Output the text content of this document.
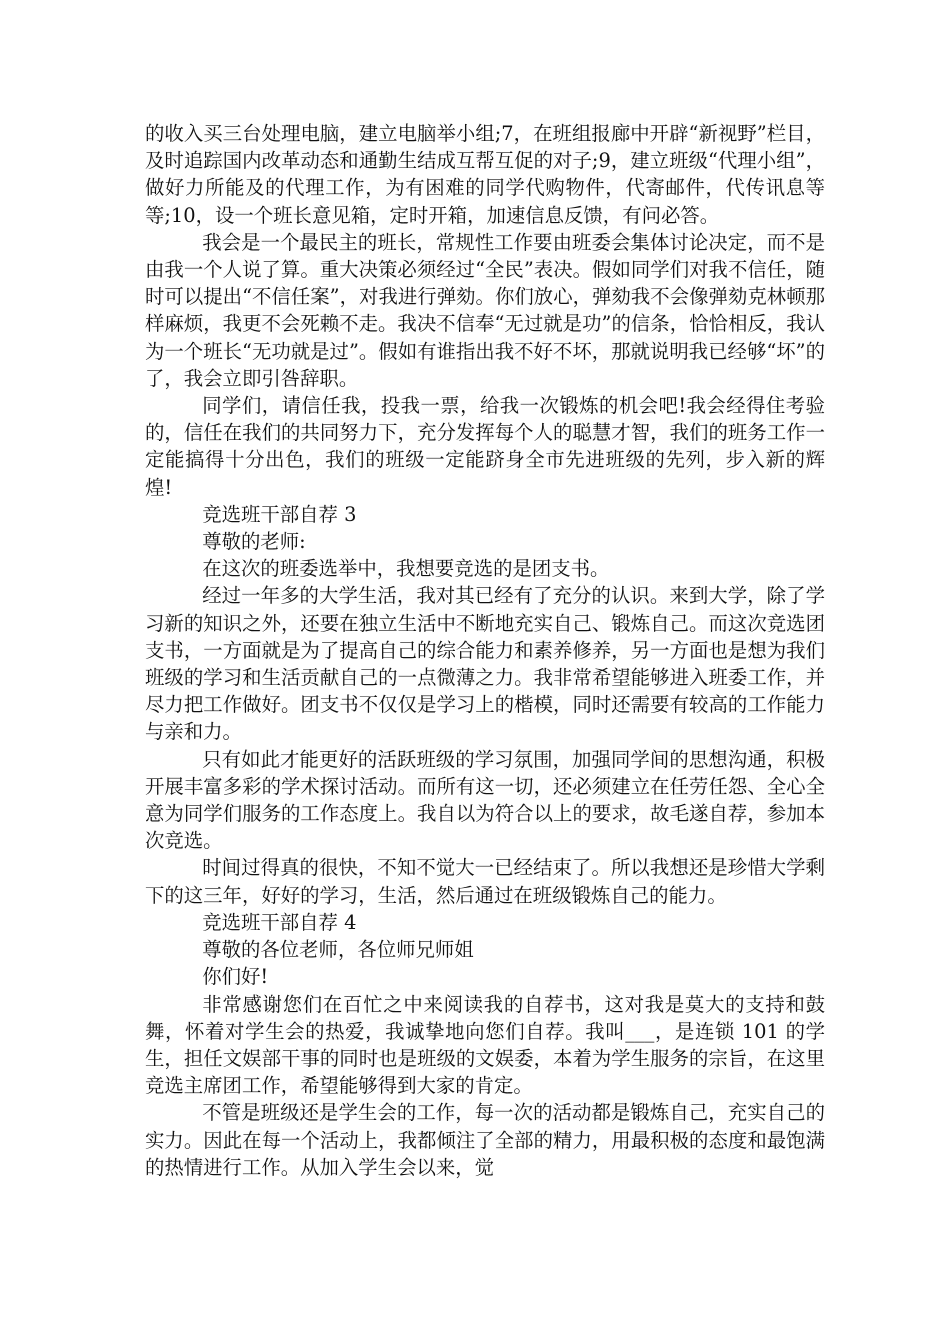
的收入买三台处理电脑，建立电脑举小组;7，在班组报廊中开辟“新视野”栏目，及时追踪国内改革动态和通勤生结成互帮互促的对子;9，建立班级“代理小组”，做好力所能及的代理工作，为有困难的同学代购物件，代寄邮件，代传讯息等等;10，设一个班长意见箱，定时开箱，加速信息反馈，有问必答。

我会是一个最民主的班长，常规性工作要由班委会集体讨论决定，而不是由我一个人说了算。重大决策必须经过“全民”表决。假如同学们对我不信任，随时可以提出“不信任案”，对我进行弹劾。你们放心，弹劾我不会像弹劾克林顿那样麻烦，我更不会死赖不走。我决不信奉“无过就是功”的信条，恰恰相反，我认为一个班长“无功就是过”。假如有谁指出我不好不坏，那就说明我已经够“坏”的了，我会立即引咎辞职。

同学们，请信任我，投我一票，给我一次锻炼的机会吧!我会经得住考验的，信任在我们的共同努力下，充分发挥每个人的聪慧才智，我们的班务工作一定能搞得十分出色，我们的班级一定能跻身全市先进班级的先列，步入新的辉煌!

竞选班干部自荐 3

尊敬的老师:

在这次的班委选举中，我想要竞选的是团支书。

经过一年多的大学生活，我对其已经有了充分的认识。来到大学，除了学习新的知识之外，还要在独立生活中不断地充实自己、锻炼自己。而这次竞选团支书，一方面就是为了提高自己的综合能力和素养修养，另一方面也是想为我们班级的学习和生活贡献自己的一点微薄之力。我非常希望能够进入班委工作，并尽力把工作做好。团支书不仅仅是学习上的楷模，同时还需要有较高的工作能力与亲和力。

只有如此才能更好的活跃班级的学习氛围，加强同学间的思想沟通，积极开展丰富多彩的学术探讨活动。而所有这一切，还必须建立在任劳任怨、全心全意为同学们服务的工作态度上。我自以为符合以上的要求，故毛遂自荐，参加本次竞选。

时间过得真的很快，不知不觉大一已经结束了。所以我想还是珍惜大学剩下的这三年，好好的学习，生活，然后通过在班级锻炼自己的能力。

竞选班干部自荐 4

尊敬的各位老师，各位师兄师姐

你们好!

非常感谢您们在百忙之中来阅读我的自荐书，这对我是莫大的支持和鼓舞，怀着对学生会的热爱，我诚挚地向您们自荐。我叫___，是连锁 101 的学生，担任文娱部干事的同时也是班级的文娱委，本着为学生服务的宗旨，在这里竞选主席团工作，希望能够得到大家的肯定。

不管是班级还是学生会的工作，每一次的活动都是锻炼自己，充实自己的实力。因此在每一个活动上，我都倾注了全部的精力，用最积极的态度和最饱满的热情进行工作。从加入学生会以来，觉
